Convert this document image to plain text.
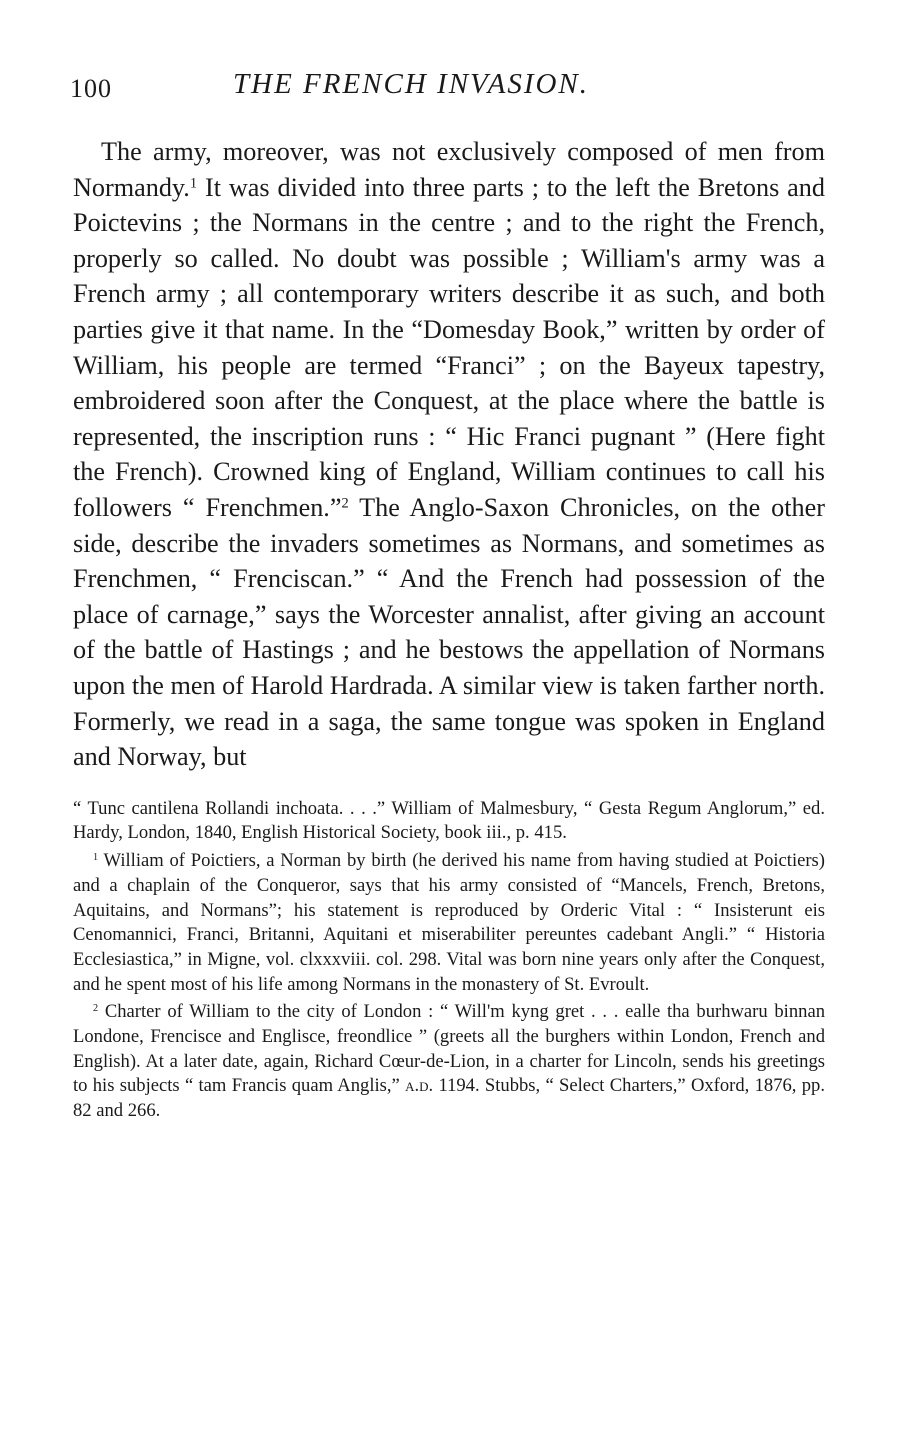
100	THE FRENCH INVASION.

The army, moreover, was not exclusively composed of men from Normandy.$^1$ It was divided into three parts ; to the left the Bretons and Poictevins ; the Normans in the centre ; and to the right the French, properly so called. No doubt was possible ; William's army was a French army ; all contemporary writers describe it as such, and both parties give it that name. In the “Domesday Book,” written by order of William, his people are termed “Franci” ; on the Bayeux tapestry, embroidered soon after the Conquest, at the place where the battle is represented, the inscription runs : “ Hic Franci pugnant ” (Here fight the French). Crowned king of England, William continues to call his followers “ Frenchmen.”$^2$ The Anglo-Saxon Chronicles, on the other side, describe the invaders sometimes as Normans, and sometimes as Frenchmen, “ Frenciscan.” “ And the French had possession of the place of carnage,” says the Worcester annalist, after giving an account of the battle of Hastings ; and he bestows the appellation of Normans upon the men of Harold Hardrada. A similar view is taken farther north. Formerly, we read in a saga, the same tongue was spoken in England and Norway, but

“ Tunc cantilena Rollandi inchoata. . . .” William of Malmesbury, “ Gesta Regum Anglorum,” ed. Hardy, London, 1840, English Historical Society, book iii., p. 415.

$^1$ William of Poictiers, a Norman by birth (he derived his name from having studied at Poictiers) and a chaplain of the Conqueror, says that his army consisted of “Mancels, French, Bretons, Aquitains, and Normans”; his statement is reproduced by Orderic Vital : “ Insisterunt eis Cenomannici, Franci, Britanni, Aquitani et miserabiliter pereuntes cadebant Angli.” “ Historia Ecclesiastica,” in Migne, vol. clxxxviii. col. 298. Vital was born nine years only after the Conquest, and he spent most of his life among Normans in the monastery of St. Evroult.

$^2$ Charter of William to the city of London : “ Will'm kyng gret . . . ealle tha burhwaru binnan Londone, Frencisce and Englisce, freondlice ” (greets all the burghers within London, French and English). At a later date, again, Richard Cœur-de-Lion, in a charter for Lincoln, sends his greetings to his subjects “ tam Francis quam Anglis,” a.d. 1194. Stubbs, “ Select Charters,” Oxford, 1876, pp. 82 and 266.
